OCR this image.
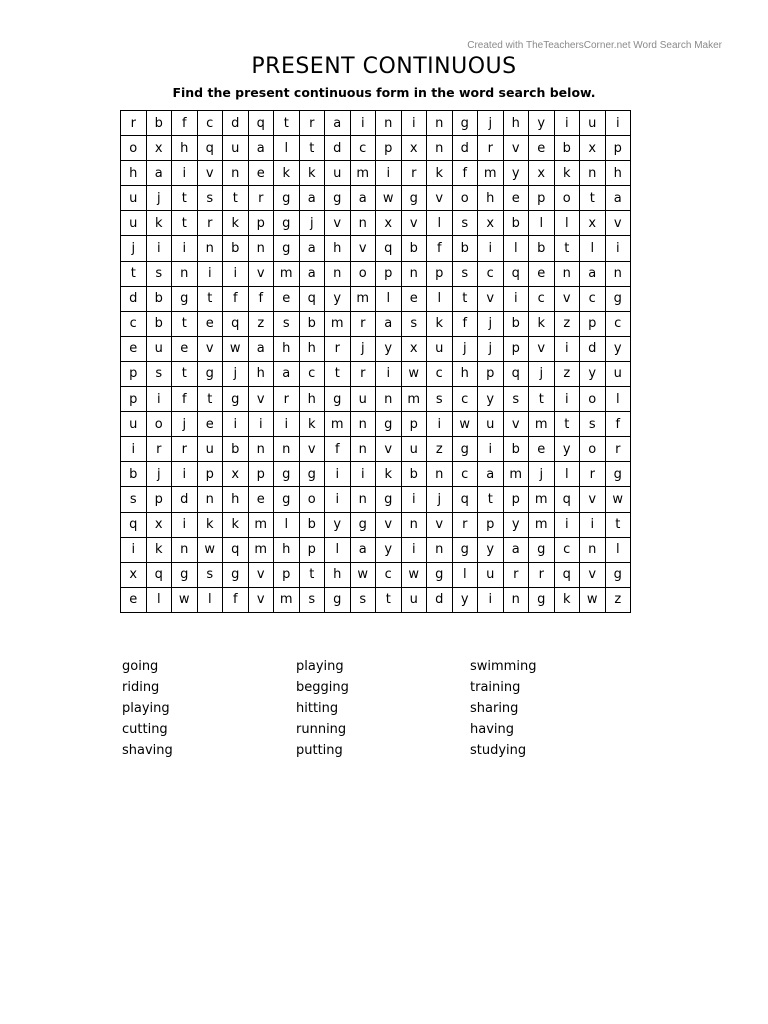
Created with TheTeachersCorner.net Word Search Maker
PRESENT CONTINUOUS
Find the present continuous form in the word search below.
r	b	f	c	d	q	t	r	a	i	n	i	n	g	j	h	y	i	u	i
o	x	h	q	u	a	l	t	d	c	p	x	n	d	r	v	e	b	x	p
h	a	i	v	n	e	k	k	u	m	i	r	k	f	m	y	x	k	n	h
u	j	t	s	t	r	g	a	g	a	w	g	v	o	h	e	p	o	t	a
u	k	t	r	k	p	g	j	v	n	x	v	l	s	x	b	l	l	x	v
j	i	i	n	b	n	g	a	h	v	q	b	f	b	i	l	b	t	l	i
t	s	n	i	i	v	m	a	n	o	p	n	p	s	c	q	e	n	a	n
d	b	g	t	f	f	e	q	y	m	l	e	l	t	v	i	c	v	c	g
c	b	t	e	q	z	s	b	m	r	a	s	k	f	j	b	k	z	p	c
e	u	e	v	w	a	h	h	r	j	y	x	u	j	j	p	v	i	d	y
p	s	t	g	j	h	a	c	t	r	i	w	c	h	p	q	j	z	y	u
p	i	f	t	g	v	r	h	g	u	n	m	s	c	y	s	t	i	o	l
u	o	j	e	i	i	i	k	m	n	g	p	i	w	u	v	m	t	s	f
i	r	r	u	b	n	n	v	f	n	v	u	z	g	i	b	e	y	o	r
b	j	i	p	x	p	g	g	i	i	k	b	n	c	a	m	j	l	r	g
s	p	d	n	h	e	g	o	i	n	g	i	j	q	t	p	m	q	v	w
q	x	i	k	k	m	l	b	y	g	v	n	v	r	p	y	m	i	i	t
i	k	n	w	q	m	h	p	l	a	y	i	n	g	y	a	g	c	n	l
x	q	g	s	g	v	p	t	h	w	c	w	g	l	u	r	r	q	v	g
e	l	w	l	f	v	m	s	g	s	t	u	d	y	i	n	g	k	w	z
going	playing	swimming
riding	begging	training
playing	hitting	sharing
cutting	running	having
shaving	putting	studying
